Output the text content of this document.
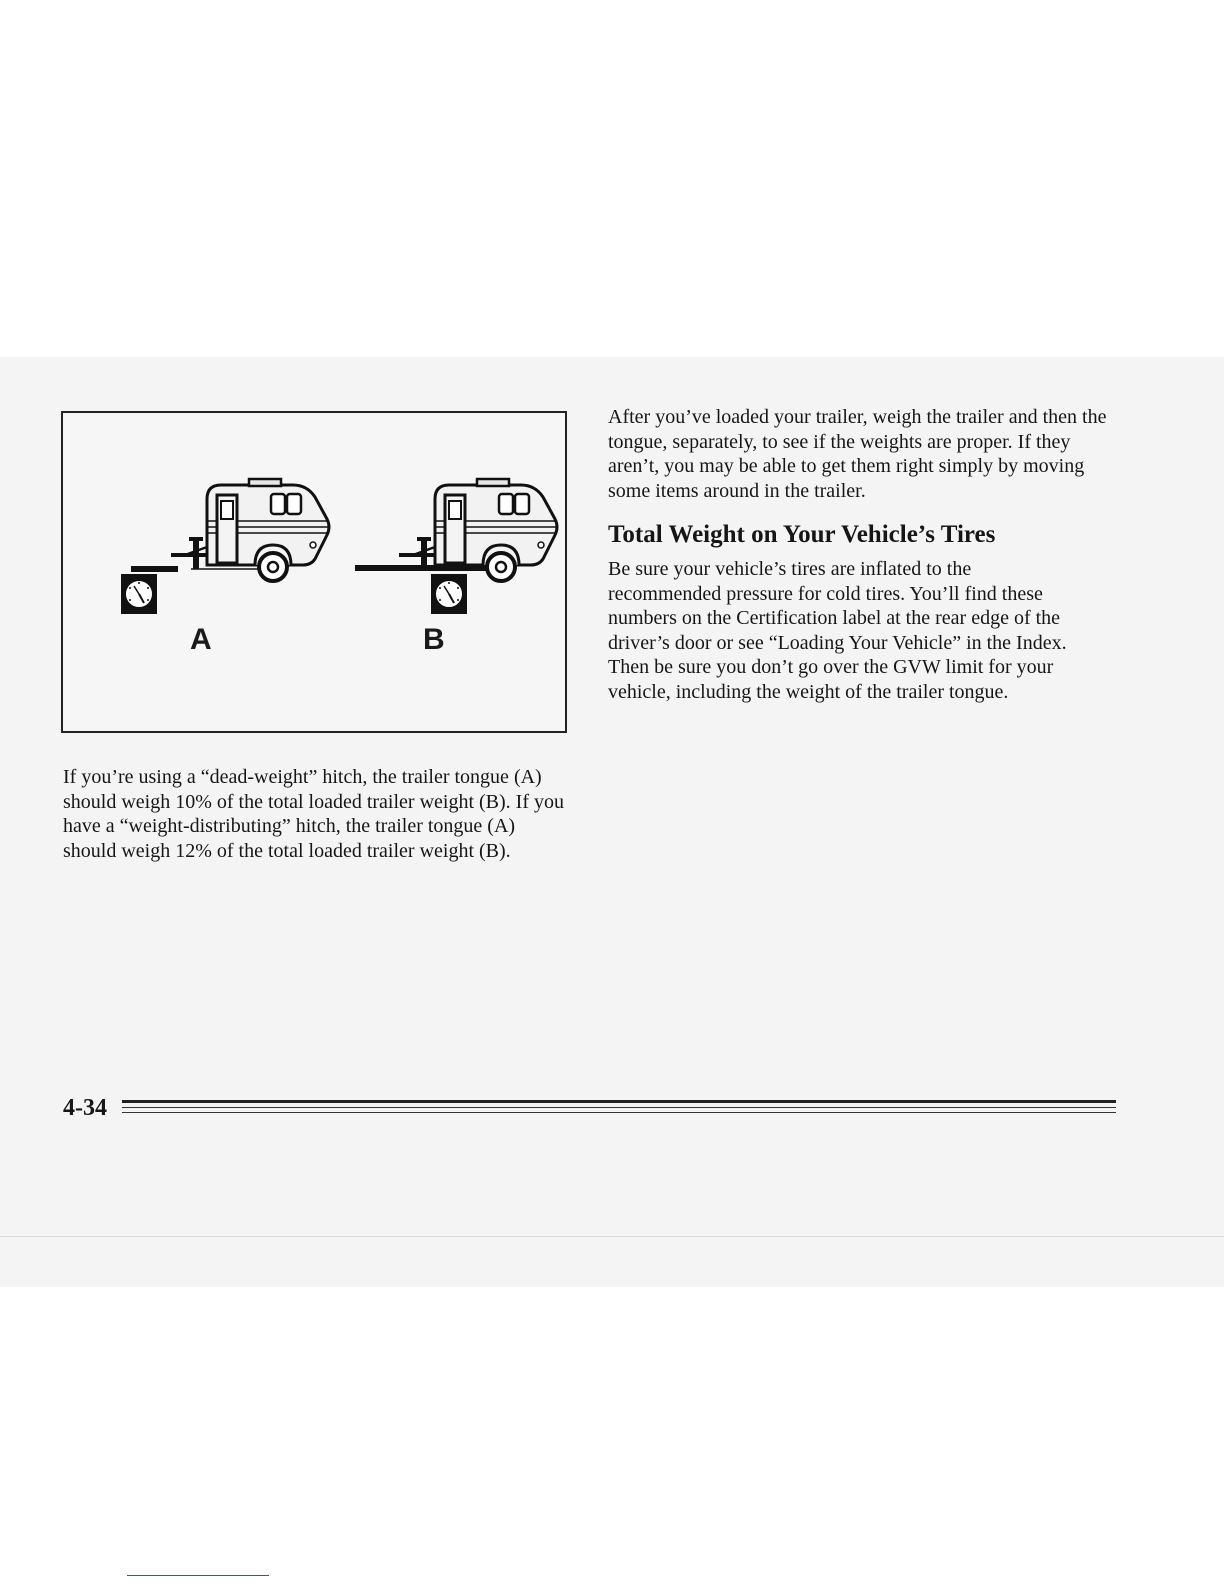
A	B

If you’re using a “dead-weight” hitch, the trailer tongue (A) should weigh 10% of the total loaded trailer weight (B). If you have a “weight-distributing” hitch, the trailer tongue (A) should weigh 12% of the total loaded trailer weight (B).

After you’ve loaded your trailer, weigh the trailer and then the tongue, separately, to see if the weights are proper. If they aren’t, you may be able to get them right simply by moving some items around in the trailer.

Total Weight on Your Vehicle’s Tires

Be sure your vehicle’s tires are inflated to the recommended pressure for cold tires. You’ll find these numbers on the Certification label at the rear edge of the driver’s door or see “Loading Your Vehicle” in the Index. Then be sure you don’t go over the GVW limit for your vehicle, including the weight of the trailer tongue.

4-34
